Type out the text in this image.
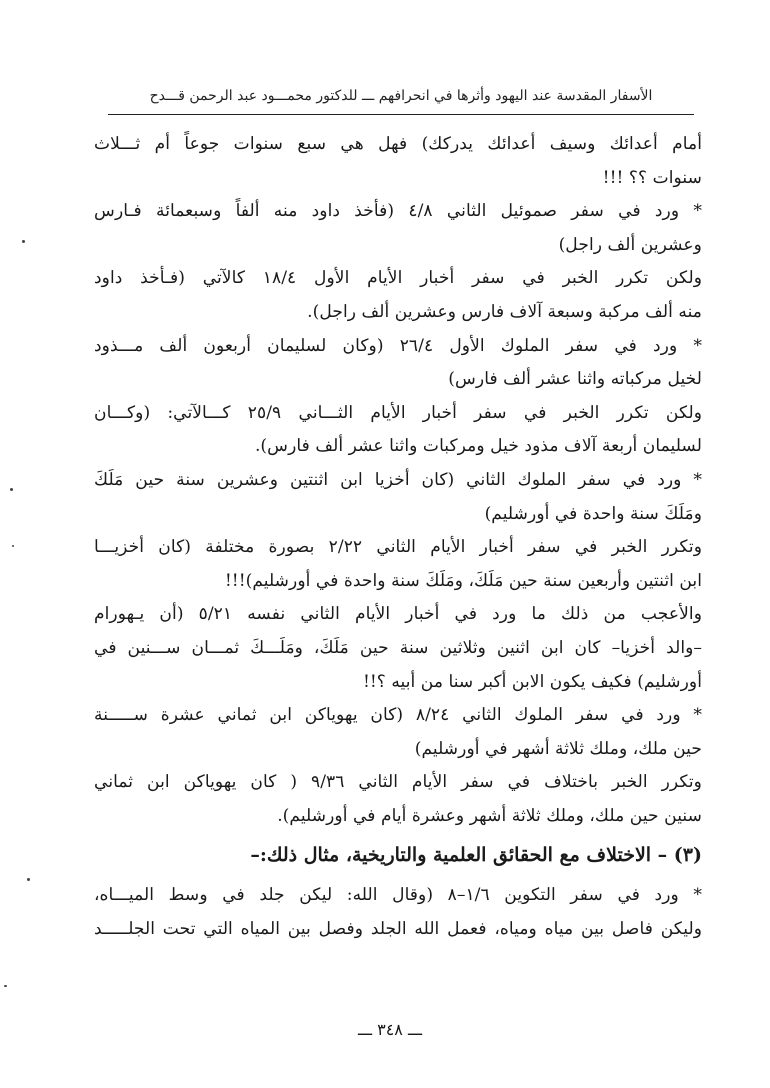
الأسفار المقدسة عند اليهود وأثرها في انحرافهم ـــ للدكتور محمـــود عبد الرحمن قـــدح
أمام أعدائك وسيف أعدائك يدركك) فهل هي سبع سنوات جوعاً أم ثـــلاث
سنوات ؟؟ !!!
* ورد في سفر صموئيل الثاني ٤/٨ (فأخذ داود منه ألفاً وسبعمائة فـارس
وعشرين ألف راجل)
ولكن تكرر الخبر في سفر أخبار الأيام الأول ١٨/٤ كالآتي (فـأخذ داود
منه ألف مركبة وسبعة آلاف فارس وعشرين ألف راجل).
* ورد في سفر الملوك الأول ٢٦/٤ (وكان لسليمان أربعون ألف مـــذود
لخيل مركباته واثنا عشر ألف فارس)
ولكن تكرر الخبر في سفر أخبار الأيام الثـــاني ٢٥/٩ كـــالآتي: (وكـــان
لسليمان أربعة آلاف مذود خيل ومركبات واثنا عشر ألف فارس).
* ورد في سفر الملوك الثاني (كان أخزيا ابن اثنتين وعشرين سنة حين مَلَكَ
ومَلَكَ سنة واحدة في أورشليم)
وتكرر الخبر في سفر أخبار الأيام الثاني ٢/٢٢ بصورة مختلفة (كان أخزيـــا
ابن اثنتين وأربعين سنة حين مَلَكَ، ومَلَكَ سنة واحدة في أورشليم)!!!
والأعجب من ذلك ما ورد في أخبار الأيام الثاني نفسه ٥/٢١ (أن يـهورام
–والد أخزيا– كان ابن اثنين وثلاثين سنة حين مَلَكَ، ومَلَـــكَ ثمـــان ســـنين في
أورشليم) فكيف يكون الابن أكبر سنا من أبيه ؟!!
* ورد في سفر الملوك الثاني ٨/٢٤ (كان يهوياكن ابن ثماني عشرة ســـــنة
حين ملك، وملك ثلاثة أشهر في أورشليم)
وتكرر الخبر باختلاف في سفر الأيام الثاني ٩/٣٦ ( كان يهوياكن ابن ثماني
سنين حين ملك، وملك ثلاثة أشهر وعشرة أيام في أورشليم).
(٣) – الاختلاف مع الحقائق العلمية والتاريخية، مثال ذلك:–
* ورد في سفر التكوين ١/٦–٨ (وقال الله: ليكن جلد في وسط الميـــاه،
وليكن فاصل بين مياه ومياه، فعمل الله الجلد وفصل بين المياه التي تحت الجلـــــد
ـــ ٣٤٨ ـــ
